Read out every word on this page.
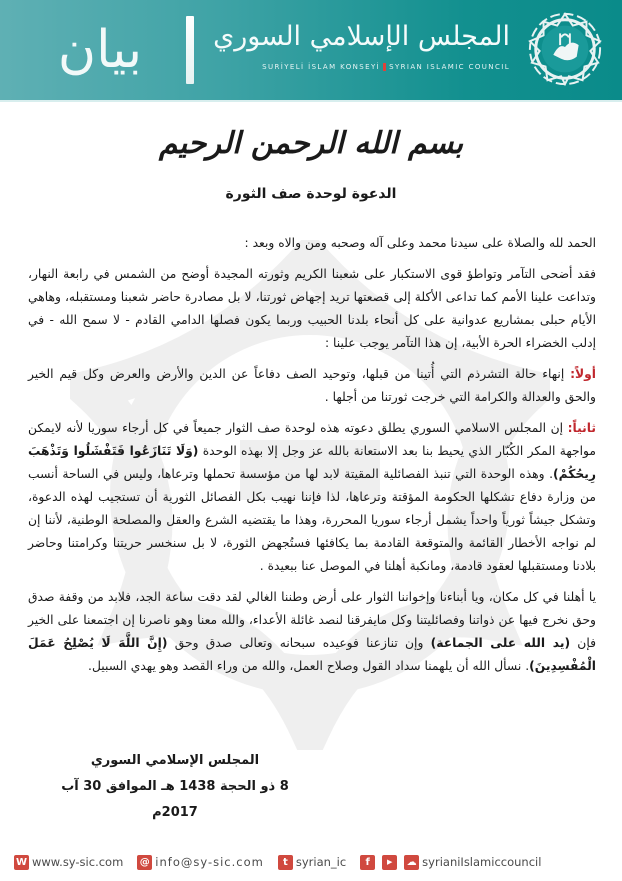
المجلس الإسلامي السوري
SURİYELİ İSLAM KONSEYİ SYRIAN ISLAMIC COUNCIL
بيان
بسم الله الرحمن الرحيم
الدعوة لوحدة صف الثورة

الحمد لله والصلاة على سيدنا محمد وعلى آله وصحبه ومن والاه وبعد :

فقد أضحى التآمر وتواطؤ قوى الاستكبار على شعبنا الكريم وثورته المجيدة أوضح من الشمس في رابعة النهار، وتداعت علينا الأمم كما تداعى الأكلة إلى قصعتها تريد إجهاض ثورتنا، لا بل مصادرة حاضر شعبنا ومستقبله، وهاهي الأيام حبلى بمشاريع عدوانية على كل أنحاء بلدنا الحبيب وربما يكون فصلها الدامي القادم - لا سمح الله - في إدلب الخضراء الحرة الأبية، إن هذا التآمر يوجب علينا :

أولاً: إنهاء حالة التشرذم التي أُتينا من قبلها، وتوحيد الصف دفاعاً عن الدين والأرض والعرض وكل قيم الخير والحق والعدالة والكرامة التي خرجت ثورتنا من أجلها .

ثانياً: إن المجلس الاسلامي السوري يطلق دعوته هذه لوحدة صف الثوار جميعاً في كل أرجاء سوريا لأنه لايمكن مواجهة المكر الكُبّار الذي يحيط بنا بعد الاستعانة بالله عز وجل إلا بهذه الوحدة (وَلَا تَنَازَعُوا فَتَفْشَلُوا وَتَذْهَبَ رِيحُكُمْ). وهذه الوحدة التي تنبذ الفصائلية المقيتة لابد لها من مؤسسة تحملها وترعاها، وليس في الساحة أنسب من وزارة دفاع تشكلها الحكومة المؤقتة وترعاها، لذا فإننا نهيب بكل الفصائل الثورية أن تستجيب لهذه الدعوة، وتشكل جيشاً ثورياً واحداً يشمل أرجاء سوريا المحررة، وهذا ما يقتضيه الشرع والعقل والمصلحة الوطنية، لأننا إن لم نواجه الأخطار القائمة والمتوقعة القادمة بما يكافئها فستُجهض الثورة، لا بل سنخسر حريتنا وكرامتنا وحاضر بلادنا ومستقبلها لعقود قادمة، ومانكبة أهلنا في الموصل عنا ببعيدة .

يا أهلنا في كل مكان، ويا أبناءنا وإخواننا الثوار على أرض وطننا الغالي لقد دقت ساعة الجد، فلابد من وقفة صدق وحق نخرج فيها عن ذواتنا وفصائليتنا وكل مايفرقنا لنصد غائلة الأعداء، والله معنا وهو ناصرنا إن اجتمعنا على الخير فإن (يد الله على الجماعة) وإن تنازعنا فوعيده سبحانه وتعالى صدق وحق (إِنَّ اللَّهَ لَا يُصْلِحُ عَمَلَ الْمُفْسِدِينَ). نسأل الله أن يلهمنا سداد القول وصلاح العمل، والله من وراء القصد وهو يهدي السبيل.

المجلس الإسلامي السوري
8 ذو الحجة 1438 هـ الموافق 30 آب 2017م
W www.sy-sic.com @ info@sy-sic.com	t syrian_ic	f	▶	☁ syrianiIslamiccouncil
